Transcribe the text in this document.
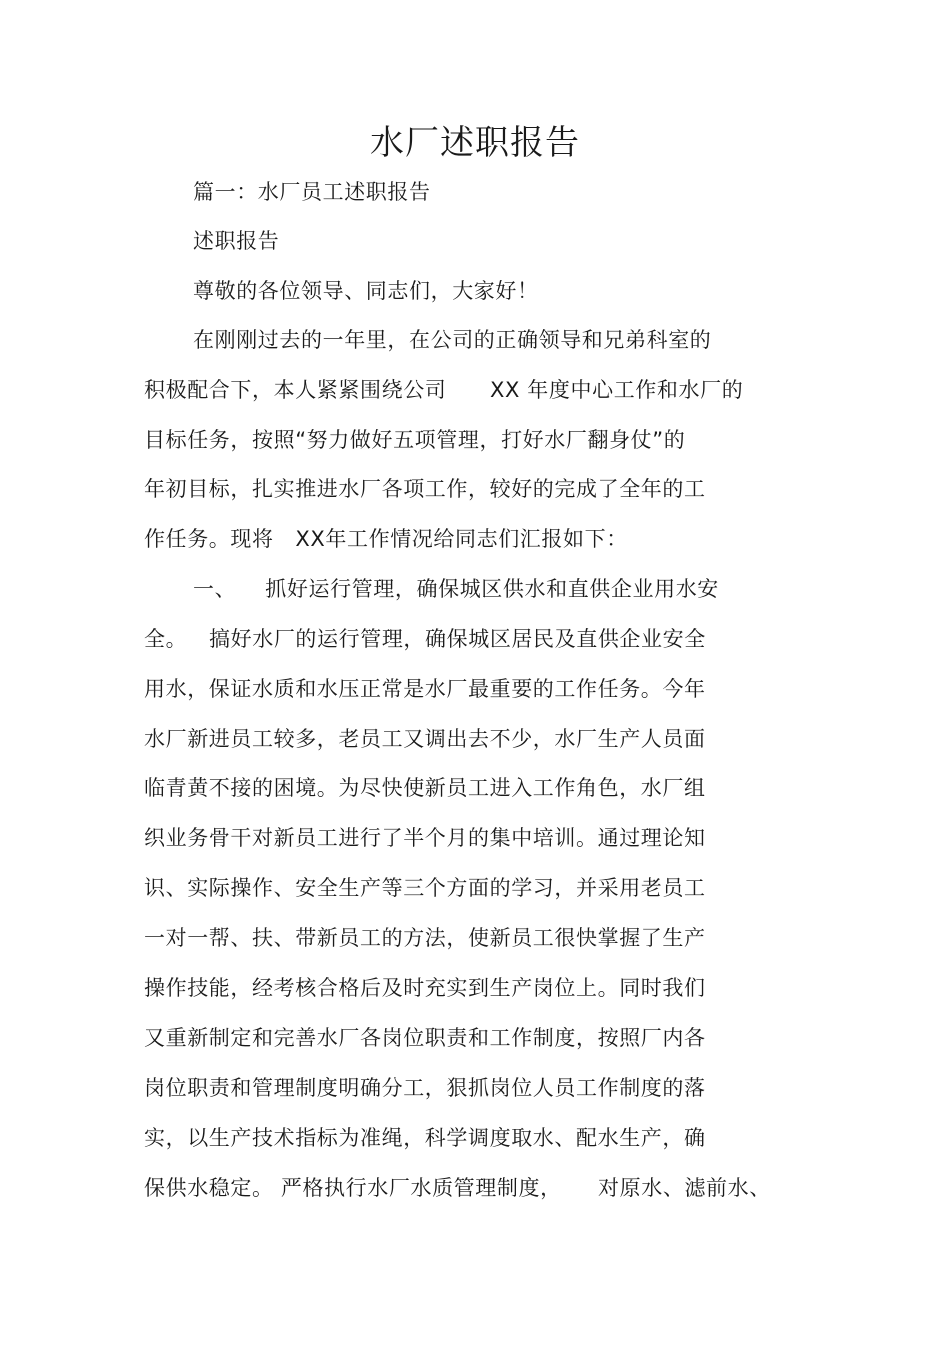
水厂述职报告
篇一：水厂员工述职报告
述职报告
尊敬的各位领导、同志们，大家好！
在刚刚过去的一年里，在公司的正确领导和兄弟科室的
积极配合下，本人紧紧围绕公司      XX 年度中心工作和水厂的
目标任务，按照“努力做好五项管理，打好水厂翻身仗”的
年初目标，扎实推进水厂各项工作，较好的完成了全年的工
作任务。现将   XX年工作情况给同志们汇报如下：
一、    抓好运行管理，确保城区供水和直供企业用水安
全。   搞好水厂的运行管理，确保城区居民及直供企业安全
用水，保证水质和水压正常是水厂最重要的工作任务。今年
水厂新进员工较多，老员工又调出去不少，水厂生产人员面
临青黄不接的困境。为尽快使新员工进入工作角色，水厂组
织业务骨干对新员工进行了半个月的集中培训。通过理论知
识、实际操作、安全生产等三个方面的学习，并采用老员工
一对一帮、扶、带新员工的方法，使新员工很快掌握了生产
操作技能，经考核合格后及时充实到生产岗位上。同时我们
又重新制定和完善水厂各岗位职责和工作制度，按照厂内各
岗位职责和管理制度明确分工，狠抓岗位人员工作制度的落
实，以生产技术指标为准绳，科学调度取水、配水生产，确
保供水稳定。 严格执行水厂水质管理制度，     对原水、滤前水、
